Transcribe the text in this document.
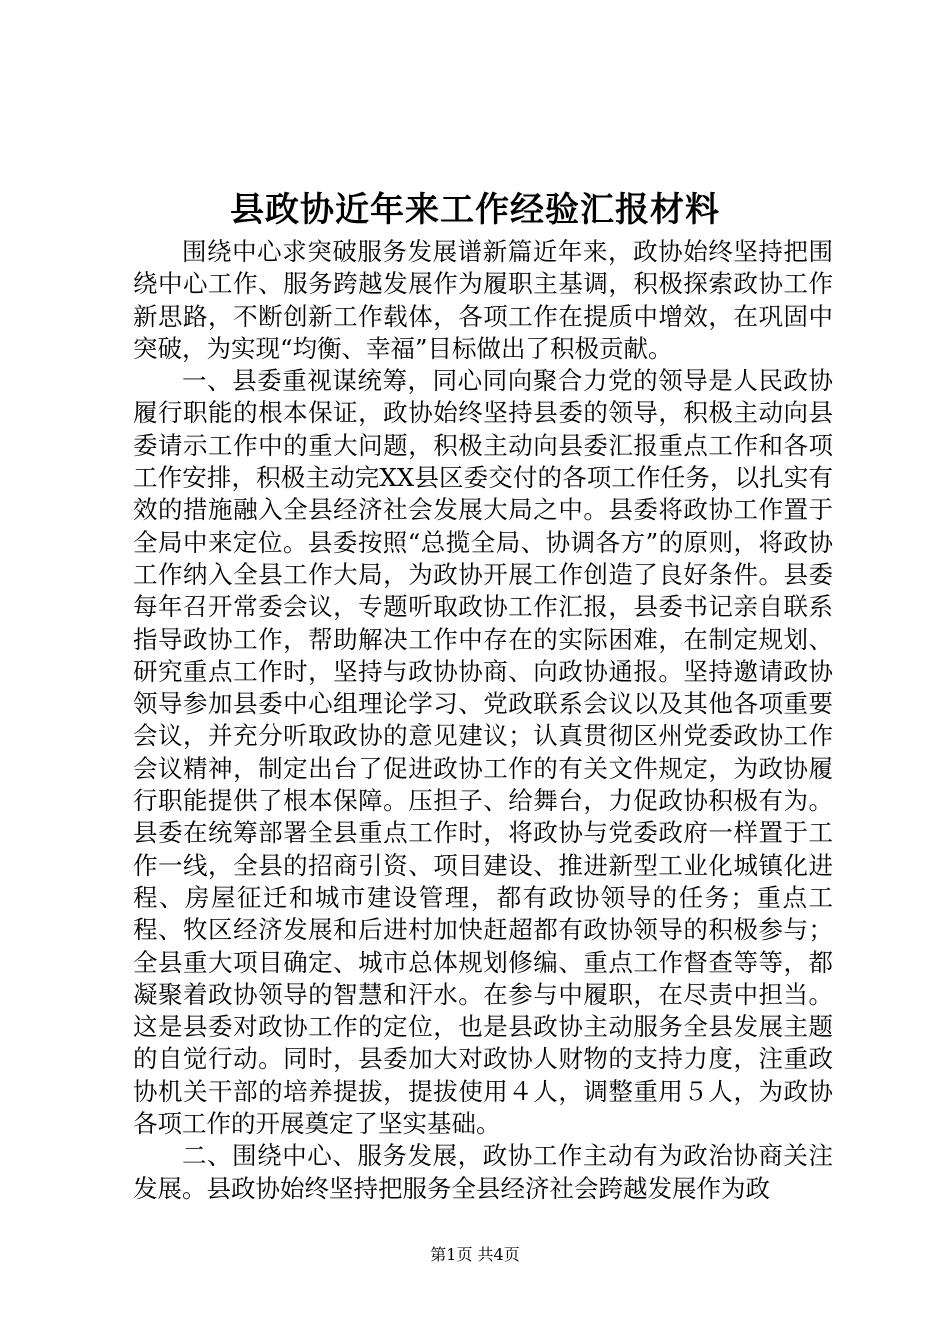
县政协近年来工作经验汇报材料

围绕中心求突破服务发展谱新篇近年来，政协始终坚持把围绕中心工作、服务跨越发展作为履职主基调，积极探索政协工作新思路，不断创新工作载体，各项工作在提质中增效，在巩固中突破，为实现“均衡、幸福”目标做出了积极贡献。

一、县委重视谋统筹，同心同向聚合力党的领导是人民政协履行职能的根本保证，政协始终坚持县委的领导，积极主动向县委请示工作中的重大问题，积极主动向县委汇报重点工作和各项工作安排，积极主动完XX县区委交付的各项工作任务，以扎实有效的措施融入全县经济社会发展大局之中。县委将政协工作置于全局中来定位。县委按照“总揽全局、协调各方”的原则，将政协工作纳入全县工作大局，为政协开展工作创造了良好条件。县委每年召开常委会议，专题听取政协工作汇报，县委书记亲自联系指导政协工作，帮助解决工作中存在的实际困难，在制定规划、研究重点工作时，坚持与政协协商、向政协通报。坚持邀请政协领导参加县委中心组理论学习、党政联系会议以及其他各项重要会议，并充分听取政协的意见建议；认真贯彻区州党委政协工作会议精神，制定出台了促进政协工作的有关文件规定，为政协履行职能提供了根本保障。压担子、给舞台，力促政协积极有为。县委在统筹部署全县重点工作时，将政协与党委政府一样置于工作一线，全县的招商引资、项目建设、推进新型工业化城镇化进程、房屋征迁和城市建设管理，都有政协领导的任务；重点工程、牧区经济发展和后进村加快赶超都有政协领导的积极参与；全县重大项目确定、城市总体规划修编、重点工作督查等等，都凝聚着政协领导的智慧和汗水。在参与中履职，在尽责中担当。这是县委对政协工作的定位，也是县政协主动服务全县发展主题的自觉行动。同时，县委加大对政协人财物的支持力度，注重政协机关干部的培养提拔，提拔使用４人，调整重用５人，为政协各项工作的开展奠定了坚实基础。

二、围绕中心、服务发展，政协工作主动有为政治协商关注发展。县政协始终坚持把服务全县经济社会跨越发展作为政

第1页 共4页
